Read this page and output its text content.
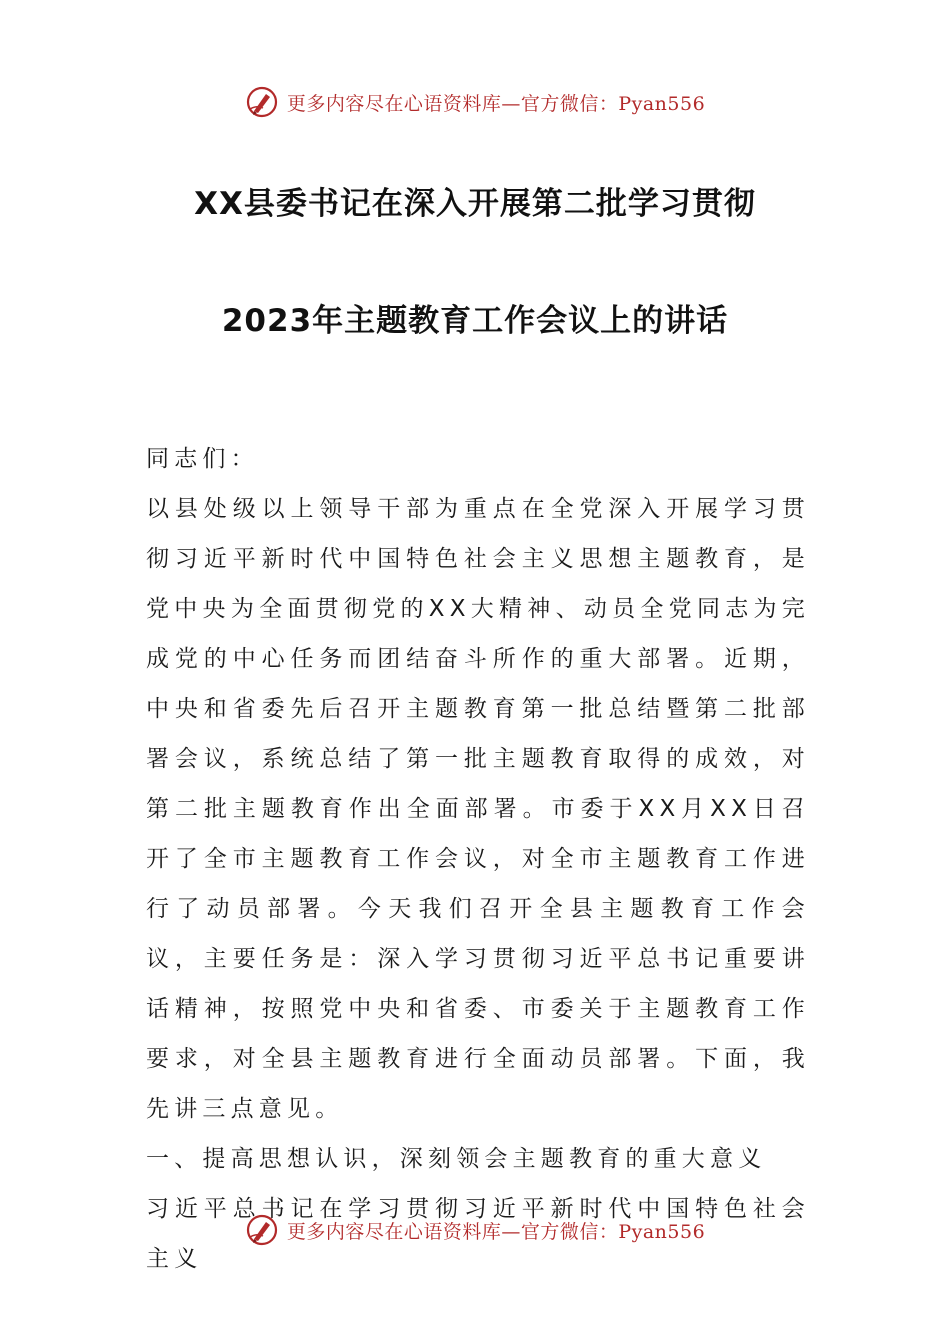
更多内容尽在心语资料库—官方微信：Pyan556
XX县委书记在深入开展第二批学习贯彻
2023年主题教育工作会议上的讲话

同志们：

以县处级以上领导干部为重点在全党深入开展学习贯彻习近平新时代中国特色社会主义思想主题教育，是党中央为全面贯彻党的XX大精神、动员全党同志为完成党的中心任务而团结奋斗所作的重大部署。近期，中央和省委先后召开主题教育第一批总结暨第二批部署会议，系统总结了第一批主题教育取得的成效，对第二批主题教育作出全面部署。市委于XX月XX日召开了全市主题教育工作会议，对全市主题教育工作进行了动员部署。今天我们召开全县主题教育工作会议，主要任务是：深入学习贯彻习近平总书记重要讲话精神，按照党中央和省委、市委关于主题教育工作要求，对全县主题教育进行全面动员部署。下面，我先讲三点意见。

一、提高思想认识，深刻领会主题教育的重大意义

习近平总书记在学习贯彻习近平新时代中国特色社会主义

更多内容尽在心语资料库—官方微信：Pyan556
